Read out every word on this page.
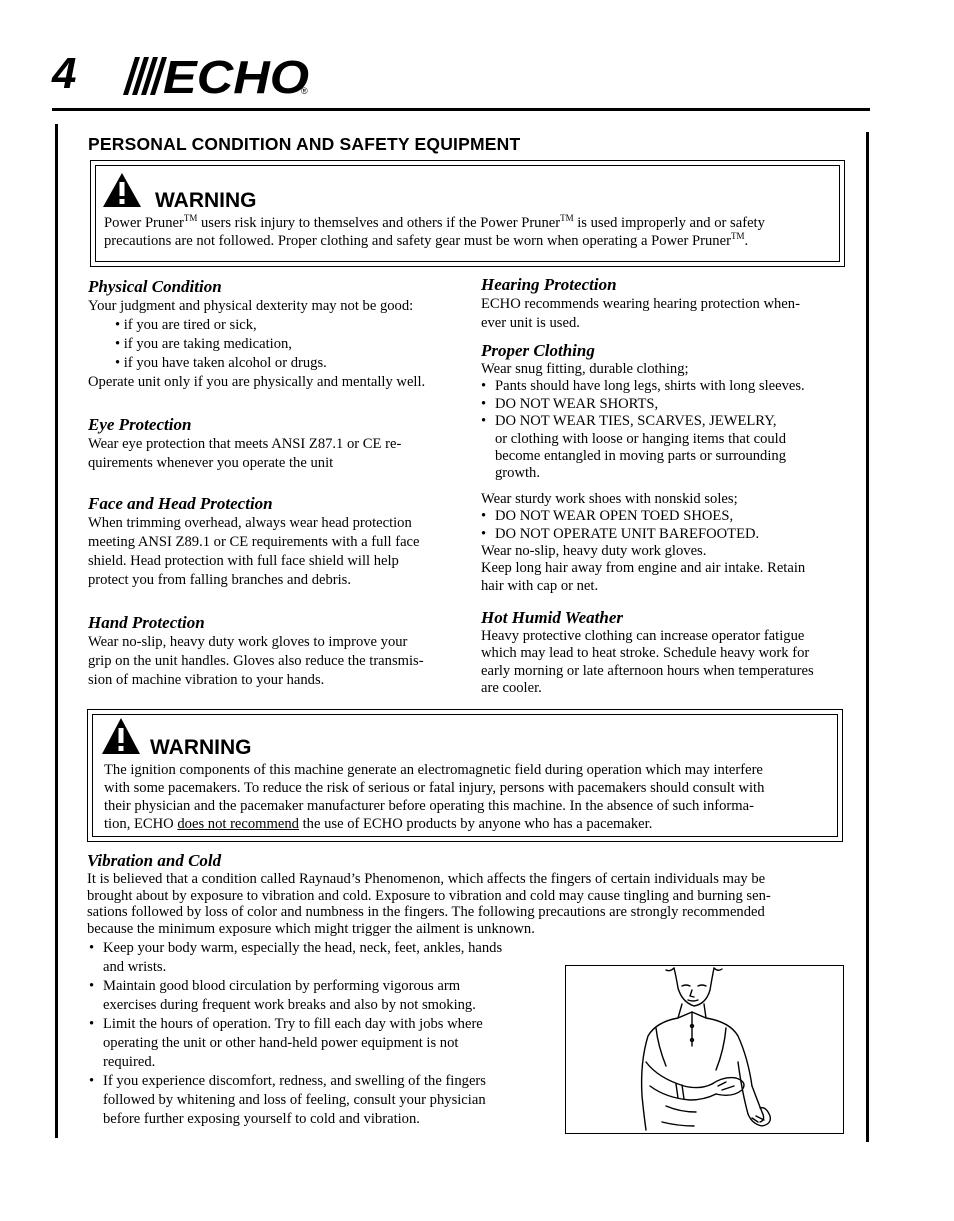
4 ECHO
®
PERSONAL CONDITION AND SAFETY EQUIPMENT
WARNING
Power Pruner™ users risk injury to themselves and others if the Power Pruner™ is used improperly and or safety
precautions are not followed. Proper clothing and safety gear must be worn when operating a Power Pruner™.
Physical Condition
Your judgment and physical dexterity may not be good:
• if you are tired or sick,
• if you are taking medication,
• if you have taken alcohol or drugs.
Operate unit only if you are physically and mentally well.
Eye Protection
Wear eye protection that meets ANSI Z87.1 or CE re-
quirements whenever you operate the unit
Face and Head Protection
When trimming overhead, always wear head protection
meeting ANSI Z89.1 or CE requirements with a full face
shield. Head protection with full face shield will help
protect you from falling branches and debris.
Hand Protection
Wear no-slip, heavy duty work gloves to improve your
grip on the unit handles. Gloves also reduce the transmis-
sion of machine vibration to your hands.
Hearing Protection
ECHO recommends wearing hearing protection when-
ever unit is used.
Proper Clothing
Wear snug fitting, durable clothing;
• Pants should have long legs, shirts with long sleeves.
• DO NOT WEAR SHORTS,
• DO NOT WEAR TIES, SCARVES, JEWELRY,
or clothing with loose or hanging items that could
become entangled in moving parts or surrounding
growth.
Wear sturdy work shoes with nonskid soles;
• DO NOT WEAR OPEN TOED SHOES,
• DO NOT OPERATE UNIT BAREFOOTED.
Wear no-slip, heavy duty work gloves.
Keep long hair away from engine and air intake. Retain
hair with cap or net.
Hot Humid Weather
Heavy protective clothing can increase operator fatigue
which may lead to heat stroke. Schedule heavy work for
early morning or late afternoon hours when temperatures
are cooler.
WARNING
The ignition components of this machine generate an electromagnetic field during operation which may interfere
with some pacemakers. To reduce the risk of serious or fatal injury, persons with pacemakers should consult with
their physician and the pacemaker manufacturer before operating this machine. In the absence of such informa-
tion, ECHO does not recommend the use of ECHO products by anyone who has a pacemaker.
Vibration and Cold
It is believed that a condition called Raynaud’s Phenomenon, which affects the fingers of certain individuals may be
brought about by exposure to vibration and cold. Exposure to vibration and cold may cause tingling and burning sen-
sations followed by loss of color and numbness in the fingers. The following precautions are strongly recommended
because the minimum exposure which might trigger the ailment is unknown.
• Keep your body warm, especially the head, neck, feet, ankles, hands
and wrists.
• Maintain good blood circulation by performing vigorous arm
exercises during frequent work breaks and also by not smoking.
• Limit the hours of operation. Try to fill each day with jobs where
operating the unit or other hand-held power equipment is not
required.
• If you experience discomfort, redness, and swelling of the fingers
followed by whitening and loss of feeling, consult your physician
before further exposing yourself to cold and vibration.
